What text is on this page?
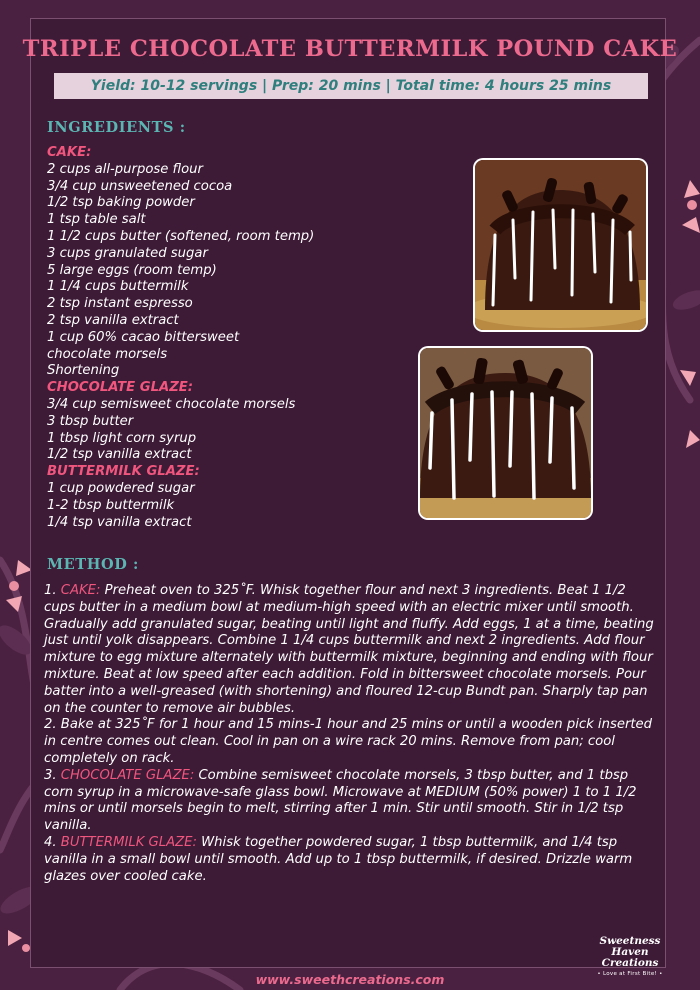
TRIPLE CHOCOLATE BUTTERMILK POUND CAKE
Yield: 10-12 servings | Prep: 20 mins | Total time: 4 hours 25 mins
INGREDIENTS :
CAKE:
2 cups all-purpose flour
3/4 cup unsweetened cocoa
1/2 tsp baking powder
1 tsp table salt
1 1/2 cups butter (softened, room temp)
3 cups granulated sugar
5 large eggs (room temp)
1 1/4 cups buttermilk
2 tsp instant espresso
2 tsp vanilla extract
1 cup 60% cacao bittersweet
chocolate morsels
Shortening
CHOCOLATE GLAZE:
3/4 cup semisweet chocolate morsels
3 tbsp butter
1 tbsp light corn syrup
1/2 tsp vanilla extract
BUTTERMILK GLAZE:
1 cup powdered sugar
1-2 tbsp buttermilk
1/4 tsp vanilla extract
METHOD :
1. CAKE: Preheat oven to 325˚F. Whisk together flour and next 3 ingredients. Beat 1 1/2 cups butter in a medium bowl at medium-high speed with an electric mixer until smooth. Gradually add granulated sugar, beating until light and fluffy. Add eggs, 1 at a time, beating just until yolk disappears. Combine 1 1/4 cups buttermilk and next 2 ingredients. Add flour mixture to egg mixture alternately with buttermilk mixture, beginning and ending with flour mixture. Beat at low speed after each addition. Fold in bittersweet chocolate morsels. Pour batter into a well-greased (with shortening) and floured 12-cup Bundt pan. Sharply tap pan on the counter to remove air bubbles.
2. Bake at 325˚F for 1 hour and 15 mins-1 hour and 25 mins or until a wooden pick inserted in centre comes out clean. Cool in pan on a wire rack 20 mins. Remove from pan; cool completely on rack.
3. CHOCOLATE GLAZE: Combine semisweet chocolate morsels, 3 tbsp butter, and 1 tbsp corn syrup in a microwave-safe glass bowl. Microwave at MEDIUM (50% power) 1 to 1 1/2 mins or until morsels begin to melt, stirring after 1 min. Stir until smooth. Stir in 1/2 tsp vanilla.
4. BUTTERMILK GLAZE: Whisk together powdered sugar, 1 tbsp buttermilk, and 1/4 tsp vanilla in a small bowl until smooth. Add up to 1 tbsp buttermilk, if desired. Drizzle warm glazes over cooled cake.
www.sweethcreations.com
Sweetness Haven
Creations
• Love at First Bite! •
